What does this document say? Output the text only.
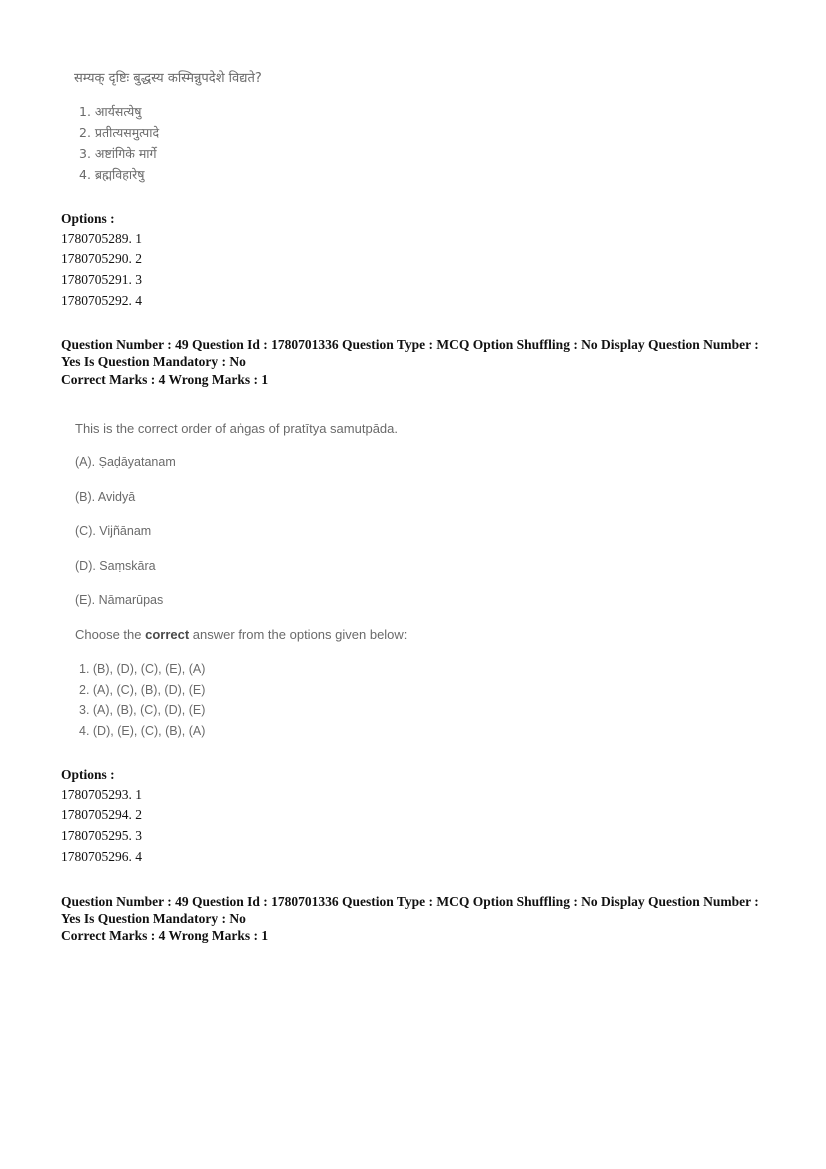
सम्यक् दृष्टिः बुद्धस्य कस्मिन्नुपदेशे विद्यते?
1. आर्यसत्येषु
2. प्रतीत्यसमुत्पादे
3. अष्टांगिके मार्गे
4. ब्रह्मविहारेषु
Options :
1780705289. 1
1780705290. 2
1780705291. 3
1780705292. 4
Question Number : 49 Question Id : 1780701336 Question Type : MCQ Option Shuffling : No Display Question Number : Yes Is Question Mandatory : No
Correct Marks : 4 Wrong Marks : 1
This is the correct order of aṅgas of pratītya samutpāda.
(A). Ṣaḍāyatanam
(B). Avidyā
(C). Vijñānam
(D). Saṃskāra
(E). Nāmarūpas
Choose the correct answer from the options given below:
1. (B), (D), (C), (E), (A)
2. (A), (C), (B), (D), (E)
3. (A), (B), (C), (D), (E)
4. (D), (E), (C), (B), (A)
Options :
1780705293. 1
1780705294. 2
1780705295. 3
1780705296. 4
Question Number : 49 Question Id : 1780701336 Question Type : MCQ Option Shuffling : No Display Question Number : Yes Is Question Mandatory : No
Correct Marks : 4 Wrong Marks : 1
